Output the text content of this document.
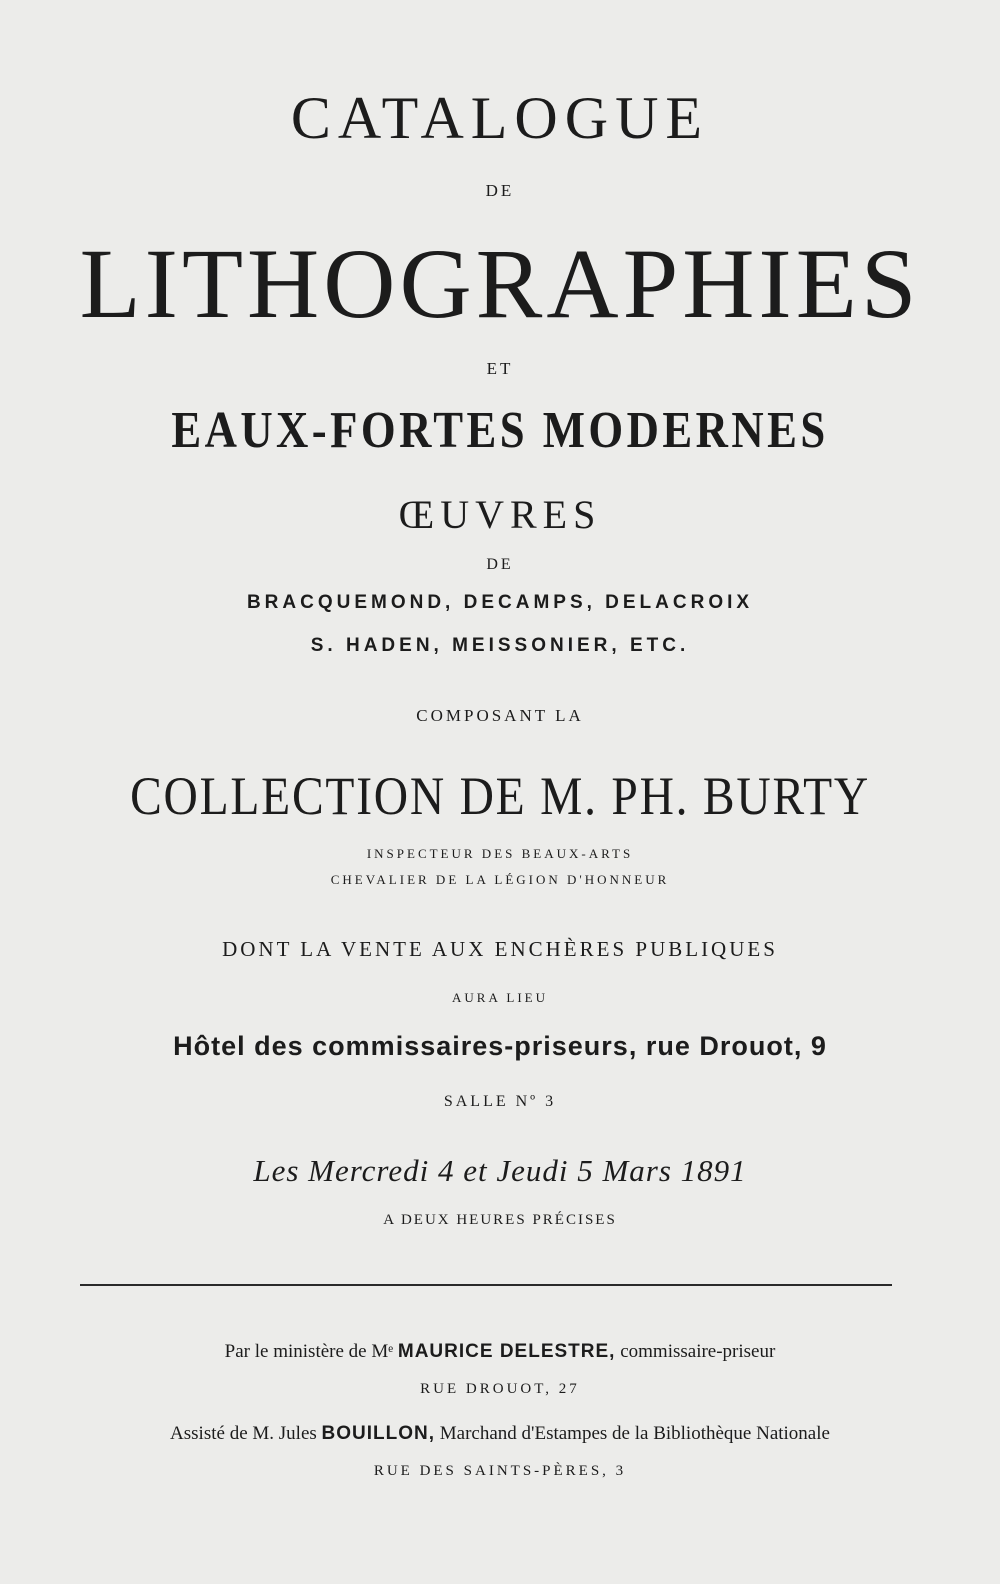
CATALOGUE
DE
LITHOGRAPHIES
ET
EAUX-FORTES MODERNES
ŒUVRES
DE
BRACQUEMOND, DECAMPS, DELACROIX
S. HADEN, MEISSONIER, ETC.
COMPOSANT LA
COLLECTION DE M. PH. BURTY
INSPECTEUR DES BEAUX-ARTS
CHEVALIER DE LA LÉGION D'HONNEUR
DONT LA VENTE AUX ENCHÈRES PUBLIQUES
AURA LIEU
Hôtel des commissaires-priseurs, rue Drouot, 9
SALLE Nº 3
Les Mercredi 4 et Jeudi 5 Mars 1891
A DEUX HEURES PRÉCISES
Par le ministère de Mᵉ MAURICE DELESTRE, commissaire-priseur
RUE DROUOT, 27
Assisté de M. Jules BOUILLON, Marchand d'Estampes de la Bibliothèque Nationale
RUE DES SAINTS-PÈRES, 3
